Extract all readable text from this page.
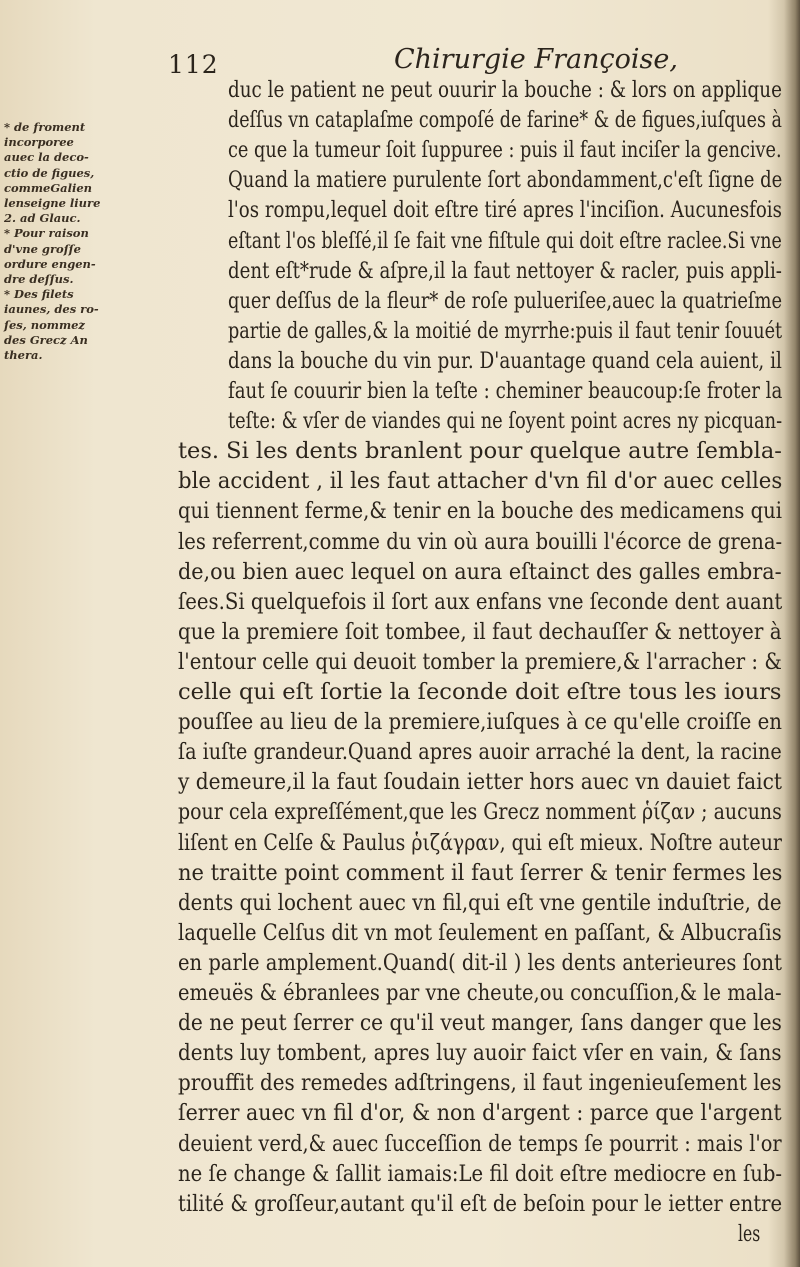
112	Chirurgie Françoise,
* de froment
incorporee
auec la deco-
ctio de figues,
commeGalien
lenseigne liure
2. ad Glauc.
* Pour raison
d'vne groſſe
ordure engen-
dre deſſus.
* Des filets
iaunes, des ro-
ſes, nommez
des Grecz An
thera.
duc le patient ne peut ouurir la bouche : & lors on applique
deſſus vn cataplaſme compoſé de farine* & de figues,iuſques à
ce que la tumeur ſoit ſuppuree : puis il faut inciſer la gencive.
Quand la matiere purulente ſort abondamment,c'eſt ſigne de
l'os rompu,lequel doit eſtre tiré apres l'inciſion. Aucunesfois
eſtant l'os bleſſé,il ſe fait vne fiſtule qui doit eſtre raclee.Si vne
dent eſt*rude & aſpre,il la faut nettoyer & racler, puis appli-
quer deſſus de la fleur* de roſe pulueriſee,auec la quatrieſme
partie de galles,& la moitié de myrrhe:puis il faut tenir ſouuét
dans la bouche du vin pur. D'auantage quand cela auient, il
faut ſe couurir bien la teſte : cheminer beaucoup:ſe froter la
teſte: & vſer de viandes qui ne ſoyent point acres ny picquan-
tes. Si les dents branlent pour quelque autre ſembla-
ble accident , il les faut attacher d'vn fil d'or auec celles
qui tiennent ferme,& tenir en la bouche des medicamens qui
les referrent,comme du vin où aura bouilli l'écorce de grena-
de,ou bien auec lequel on aura eſtainct des galles embra-
ſees.Si quelquefois il ſort aux enfans vne ſeconde dent auant
que la premiere ſoit tombee, il faut dechauſſer & nettoyer à
l'entour celle qui deuoit tomber la premiere,& l'arracher : &
celle qui eſt ſortie la ſeconde doit eſtre tous les iours
pouſſee au lieu de la premiere,iuſques à ce qu'elle croiſſe en
ſa iuſte grandeur.Quand apres auoir arraché la dent, la racine
y demeure,il la faut ſoudain ietter hors auec vn dauiet faict
pour cela expreſſément,que les Grecz nomment ῥίζαν ; aucuns
liſent en Celſe & Paulus ῥιζάγραν, qui eſt mieux. Noſtre auteur
ne traitte point comment il faut ſerrer & tenir fermes les
dents qui lochent auec vn fil,qui eſt vne gentile induſtrie, de
laquelle Celſus dit vn mot ſeulement en paſſant, & Albucraſis
en parle amplement.Quand( dit-il ) les dents anterieures ſont
emeuës & ébranlees par vne cheute,ou concuſſion,& le mala-
de ne peut ſerrer ce qu'il veut manger, ſans danger que les
dents luy tombent, apres luy auoir faict vſer en vain, & ſans
prouffit des remedes adſtringens, il faut ingenieuſement les
ſerrer auec vn fil d'or, & non d'argent : parce que l'argent
deuient verd,& auec ſucceſſion de temps ſe pourrit : mais l'or
ne ſe change & ſallit iamais:Le fil doit eſtre mediocre en ſub-
tilité & groſſeur,autant qu'il eſt de beſoin pour le ietter entre
les
